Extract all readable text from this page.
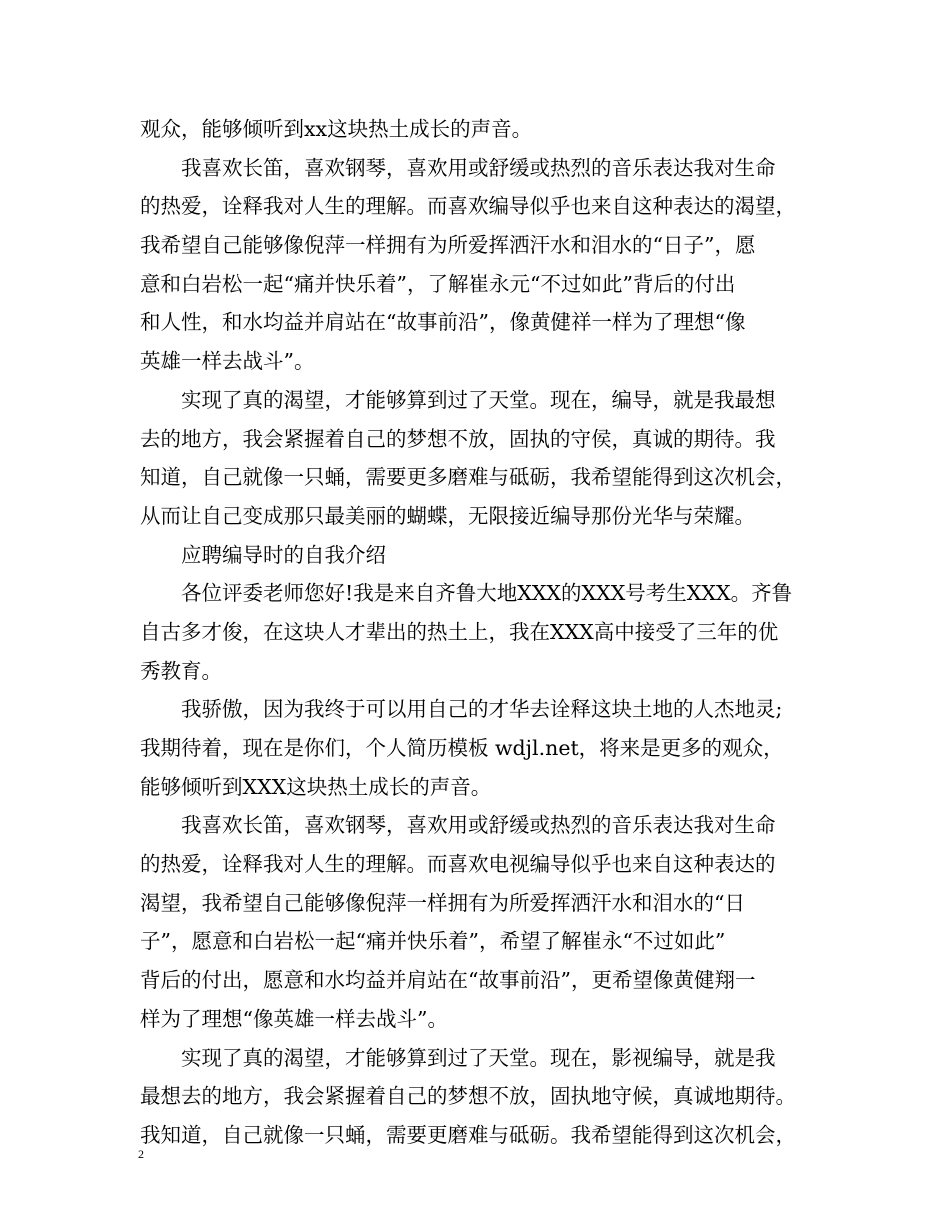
观众，能够倾听到xx这块热土成长的声音。
我喜欢长笛，喜欢钢琴，喜欢用或舒缓或热烈的音乐表达我对生命
的热爱，诠释我对人生的理解。而喜欢编导似乎也来自这种表达的渴望，
我希望自己能够像倪萍一样拥有为所爱挥洒汗水和泪水的“日子”，愿
意和白岩松一起“痛并快乐着”，了解崔永元“不过如此”背后的付出
和人性，和水均益并肩站在“故事前沿”，像黄健祥一样为了理想“像
英雄一样去战斗”。
实现了真的渴望，才能够算到过了天堂。现在，编导，就是我最想
去的地方，我会紧握着自己的梦想不放，固执的守侯，真诚的期待。我
知道，自己就像一只蛹，需要更多磨难与砥砺，我希望能得到这次机会，
从而让自己变成那只最美丽的蝴蝶，无限接近编导那份光华与荣耀。
应聘编导时的自我介绍
各位评委老师您好!我是来自齐鲁大地XXX的XXX号考生XXX。齐鲁
自古多才俊，在这块人才辈出的热土上，我在XXX高中接受了三年的优
秀教育。
我骄傲，因为我终于可以用自己的才华去诠释这块土地的人杰地灵;
我期待着，现在是你们，个人简历模板 wdjl.net，将来是更多的观众，
能够倾听到XXX这块热土成长的声音。
我喜欢长笛，喜欢钢琴，喜欢用或舒缓或热烈的音乐表达我对生命
的热爱，诠释我对人生的理解。而喜欢电视编导似乎也来自这种表达的
渴望，我希望自己能够像倪萍一样拥有为所爱挥洒汗水和泪水的“日
子”，愿意和白岩松一起“痛并快乐着”，希望了解崔永“不过如此”
背后的付出，愿意和水均益并肩站在“故事前沿”，更希望像黄健翔一
样为了理想“像英雄一样去战斗”。
实现了真的渴望，才能够算到过了天堂。现在，影视编导，就是我
最想去的地方，我会紧握着自己的梦想不放，固执地守候，真诚地期待。
我知道，自己就像一只蛹，需要更磨难与砥砺。我希望能得到这次机会，
2
